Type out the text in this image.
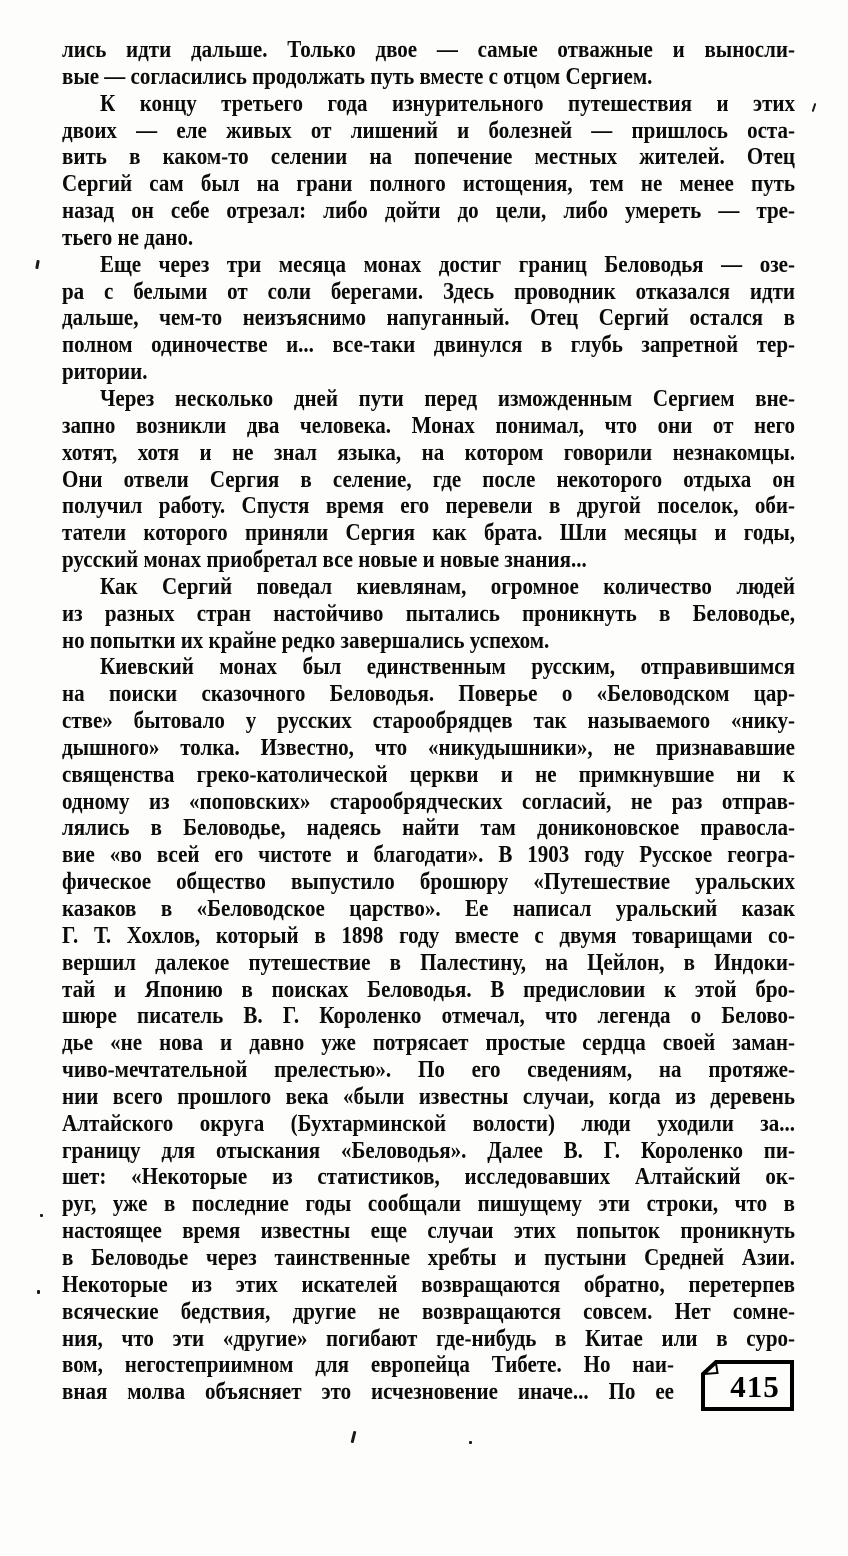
лись идти дальше. Только двое — самые отважные и выносли-
вые — согласились продолжать путь вместе с отцом Сергием.
К концу третьего года изнурительного путешествия и этих
двоих — еле живых от лишений и болезней — пришлось оста-
вить в каком-то селении на попечение местных жителей. Отец
Сергий сам был на грани полного истощения, тем не менее путь
назад он себе отрезал: либо дойти до цели, либо умереть — тре-
тьего не дано.
Еще через три месяца монах достиг границ Беловодья — озе-
ра с белыми от соли берегами. Здесь проводник отказался идти
дальше, чем-то неизъяснимо напуганный. Отец Сергий остался в
полном одиночестве и... все-таки двинулся в глубь запретной тер-
ритории.
Через несколько дней пути перед изможденным Сергием вне-
запно возникли два человека. Монах понимал, что они от него
хотят, хотя и не знал языка, на котором говорили незнакомцы.
Они отвели Сергия в селение, где после некоторого отдыха он
получил работу. Спустя время его перевели в другой поселок, оби-
татели которого приняли Сергия как брата. Шли месяцы и годы,
русский монах приобретал все новые и новые знания...
Как Сергий поведал киевлянам, огромное количество людей
из разных стран настойчиво пытались проникнуть в Беловодье,
но попытки их крайне редко завершались успехом.
Киевский монах был единственным русским, отправившимся
на поиски сказочного Беловодья. Поверье о «Беловодском цар-
стве» бытовало у русских старообрядцев так называемого «нику-
дышного» толка. Известно, что «никудышники», не признававшие
священства греко-католической церкви и не примкнувшие ни к
одному из «поповских» старообрядческих согласий, не раз отправ-
лялись в Беловодье, надеясь найти там дониконовское правосла-
вие «во всей его чистоте и благодати». В 1903 году Русское геогра-
фическое общество выпустило брошюру «Путешествие уральских
казаков в «Беловодское царство». Ее написал уральский казак
Г. Т. Хохлов, который в 1898 году вместе с двумя товарищами со-
вершил далекое путешествие в Палестину, на Цейлон, в Индоки-
тай и Японию в поисках Беловодья. В предисловии к этой бро-
шюре писатель В. Г. Короленко отмечал, что легенда о Белово-
дье «не нова и давно уже потрясает простые сердца своей заман-
чиво-мечтательной прелестью». По его сведениям, на протяже-
нии всего прошлого века «были известны случаи, когда из деревень
Алтайского округа (Бухтарминской волости) люди уходили за...
границу для отыскания «Беловодья». Далее В. Г. Короленко пи-
шет: «Некоторые из статистиков, исследовавших Алтайский ок-
руг, уже в последние годы сообщали пишущему эти строки, что в
настоящее время известны еще случаи этих попыток проникнуть
в Беловодье через таинственные хребты и пустыни Средней Азии.
Некоторые из этих искателей возвращаются обратно, перетерпев
всяческие бедствия, другие не возвращаются совсем. Нет сомне-
ния, что эти «другие» погибают где-нибудь в Китае или в суро-
вом, негостеприимном для европейца Тибете. Но наи-
вная молва объясняет это исчезновение иначе... По ее	415
